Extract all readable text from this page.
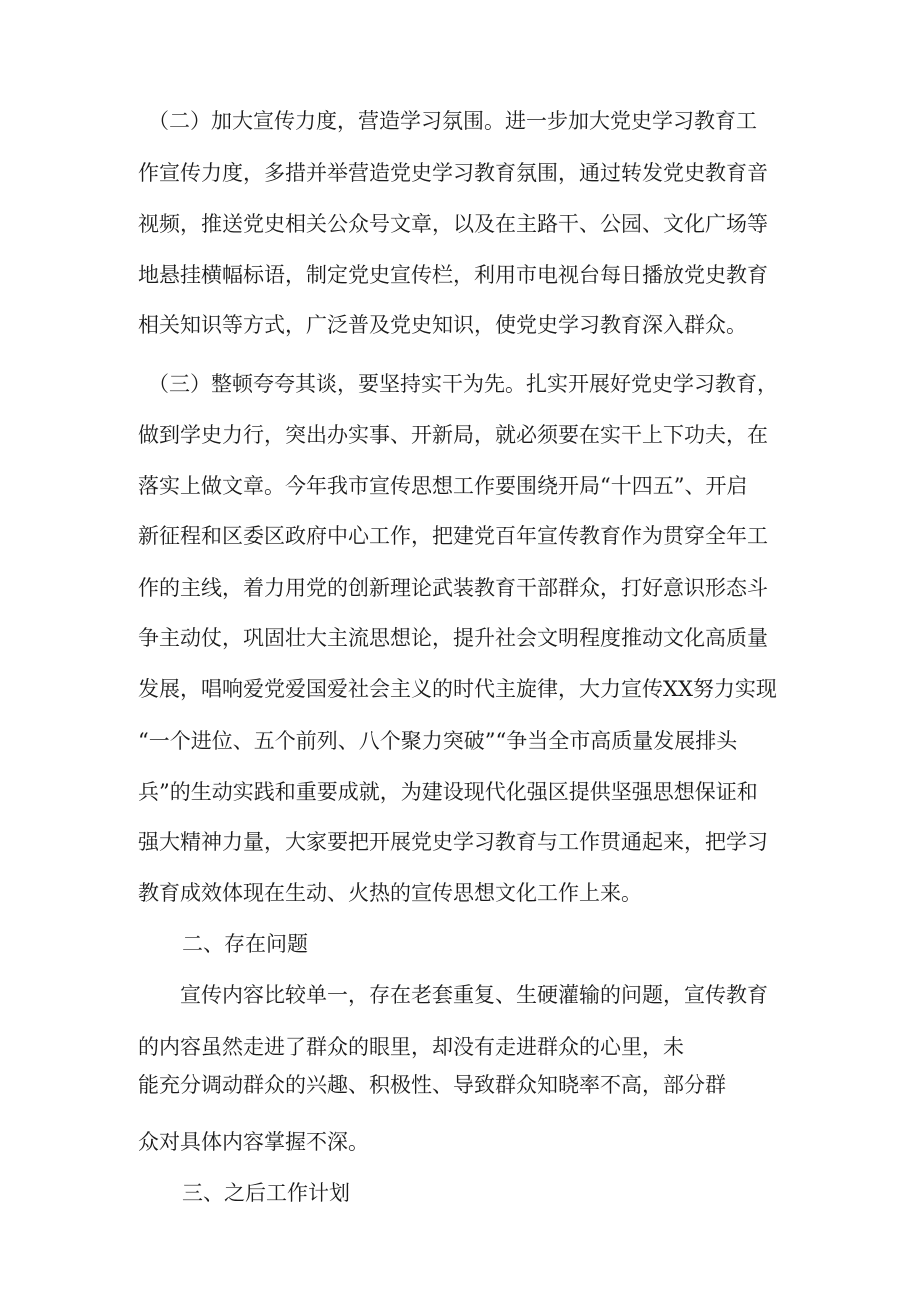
（二）加大宣传力度，营造学习氛围。进一步加大党史学习教育工
作宣传力度，多措并举营造党史学习教育氛围，通过转发党史教育音
视频，推送党史相关公众号文章，以及在主路干、公园、文化广场等
地悬挂横幅标语，制定党史宣传栏，利用市电视台每日播放党史教育
相关知识等方式，广泛普及党史知识，使党史学习教育深入群众。
（三）整顿夸夸其谈，要坚持实干为先。扎实开展好党史学习教育，
做到学史力行，突出办实事、开新局，就必须要在实干上下功夫，在
落实上做文章。今年我市宣传思想工作要围绕开局“十四五”、开启
新征程和区委区政府中心工作，把建党百年宣传教育作为贯穿全年工
作的主线，着力用党的创新理论武装教育干部群众，打好意识形态斗
争主动仗，巩固壮大主流思想论，提升社会文明程度推动文化高质量
发展，唱响爱党爱国爱社会主义的时代主旋律，大力宣传XX努力实现
“一个进位、五个前列、八个聚力突破”“争当全市高质量发展排头
兵”的生动实践和重要成就，为建设现代化强区提供坚强思想保证和
强大精神力量，大家要把开展党史学习教育与工作贯通起来，把学习
教育成效体现在生动、火热的宣传思想文化工作上来。
二、存在问题
宣传内容比较单一，存在老套重复、生硬灌输的问题，宣传教育
的内容虽然走进了群众的眼里，却没有走进群众的心里，未
能充分调动群众的兴趣、积极性、导致群众知晓率不高，部分群
众对具体内容掌握不深。
三、之后工作计划
